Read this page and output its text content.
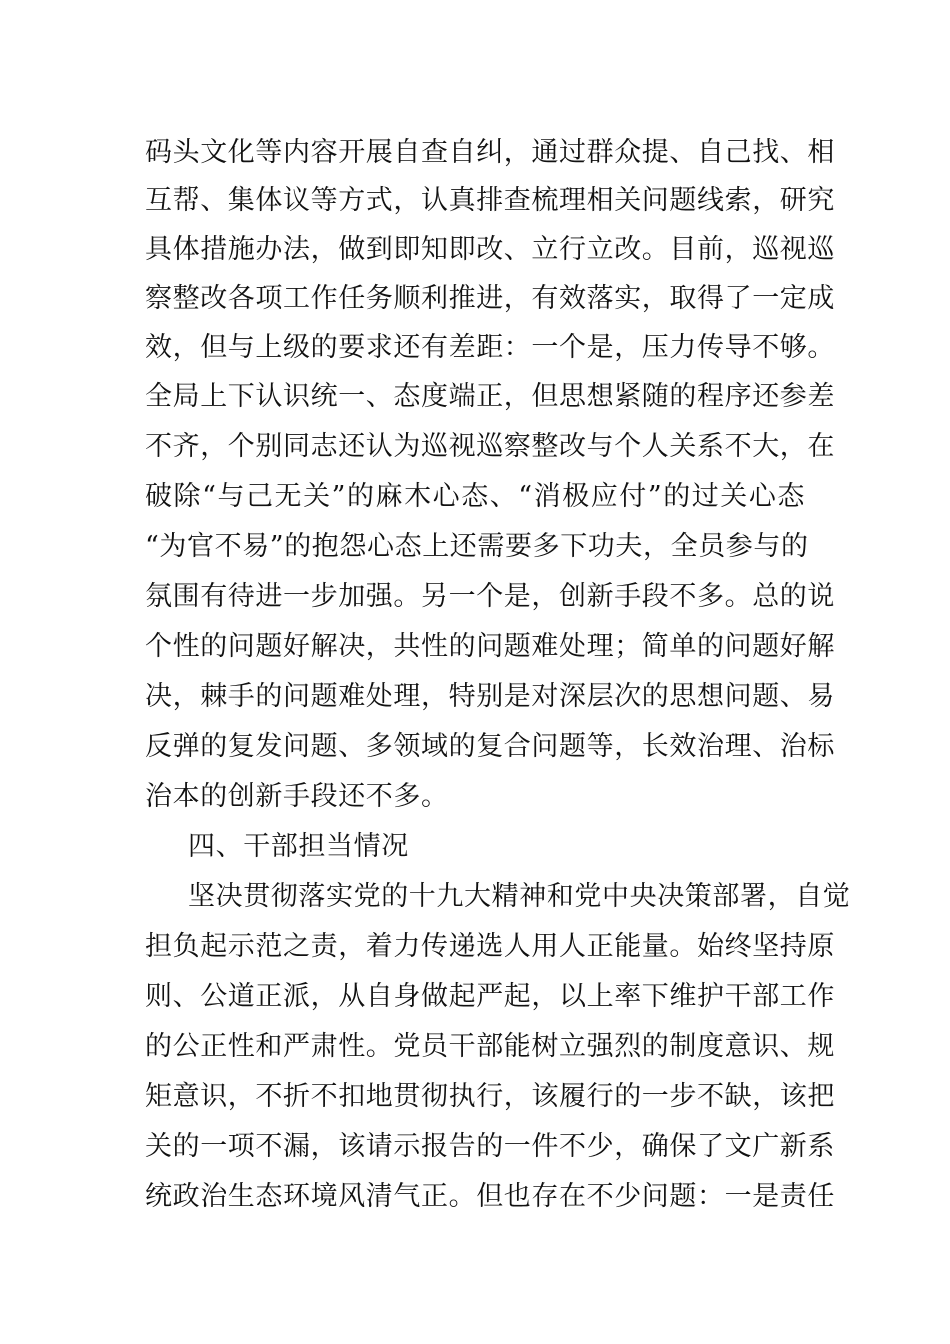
码头文化等内容开展自查自纠，通过群众提、自己找、相
互帮、集体议等方式，认真排查梳理相关问题线索，研究
具体措施办法，做到即知即改、立行立改。目前，巡视巡
察整改各项工作任务顺利推进，有效落实，取得了一定成
效，但与上级的要求还有差距：一个是，压力传导不够。
全局上下认识统一、态度端正，但思想紧随的程序还参差
不齐，个别同志还认为巡视巡察整改与个人关系不大，在
破除“与己无关”的麻木心态、“消极应付”的过关心态
“为官不易”的抱怨心态上还需要多下功夫，全员参与的
氛围有待进一步加强。另一个是，创新手段不多。总的说
个性的问题好解决，共性的问题难处理；简单的问题好解
决，棘手的问题难处理，特别是对深层次的思想问题、易
反弹的复发问题、多领域的复合问题等，长效治理、治标
治本的创新手段还不多。
四、干部担当情况
坚决贯彻落实党的十九大精神和党中央决策部署，自觉
担负起示范之责，着力传递选人用人正能量。始终坚持原
则、公道正派，从自身做起严起，以上率下维护干部工作
的公正性和严肃性。党员干部能树立强烈的制度意识、规
矩意识，不折不扣地贯彻执行，该履行的一步不缺，该把
关的一项不漏，该请示报告的一件不少，确保了文广新系
统政治生态环境风清气正。但也存在不少问题：一是责任
